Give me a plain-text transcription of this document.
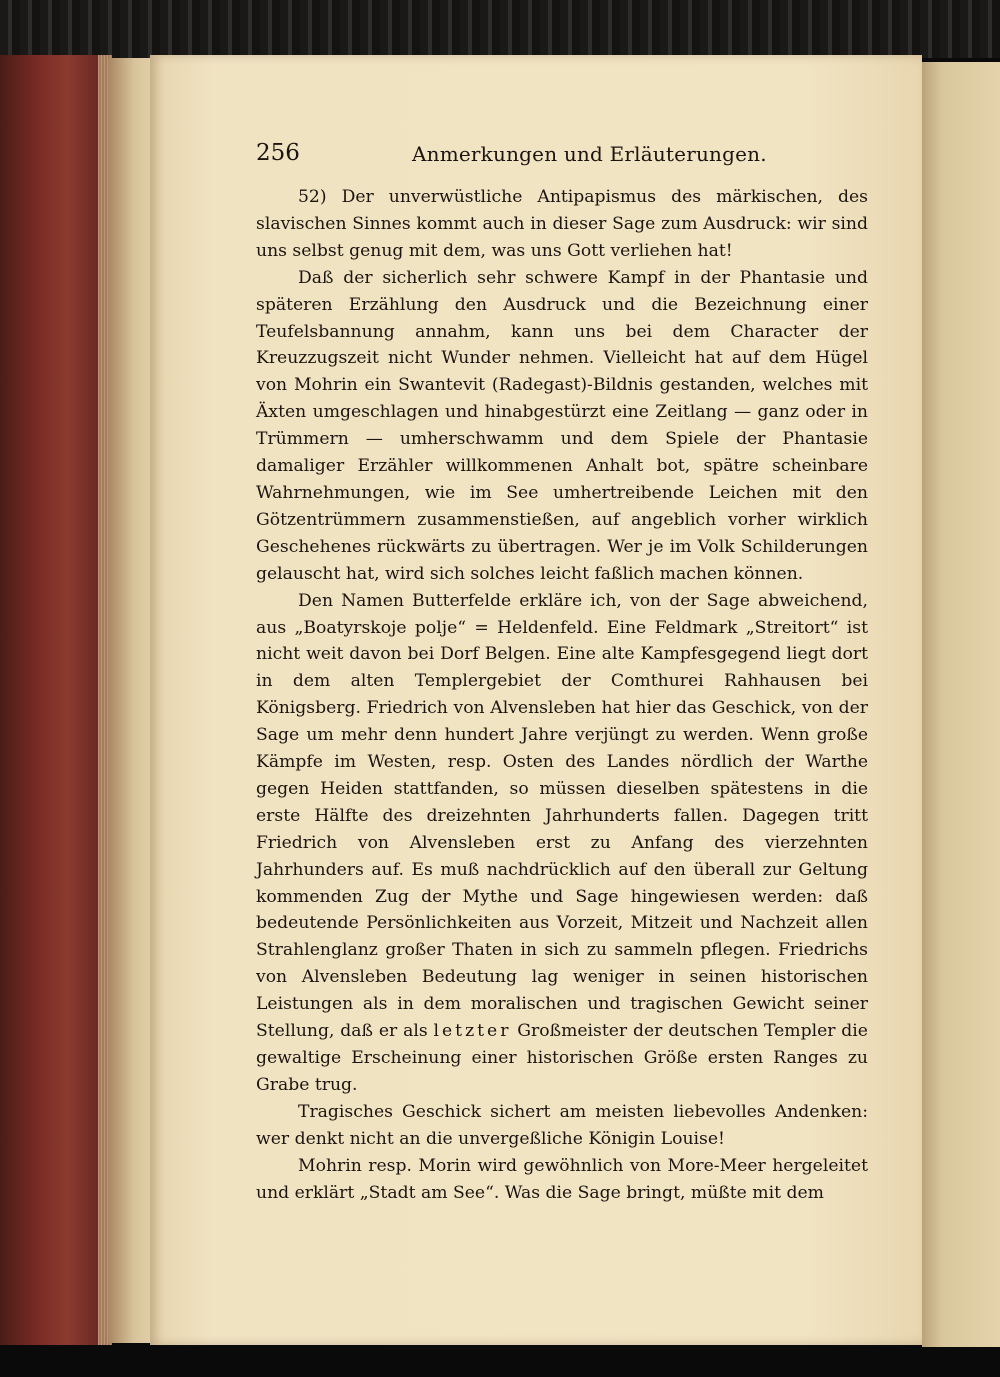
256	Anmerkungen und Erläuterungen.

52) Der unverwüstliche Antipapismus des märkischen, des slavischen Sinnes kommt auch in dieser Sage zum Ausdruck: wir sind uns selbst genug mit dem, was uns Gott verliehen hat!

Daß der sicherlich sehr schwere Kampf in der Phantasie und späteren Erzählung den Ausdruck und die Bezeichnung einer Teufelsbannung annahm, kann uns bei dem Character der Kreuzzugszeit nicht Wunder nehmen. Vielleicht hat auf dem Hügel von Mohrin ein Swantevit (Radegast)-Bildnis gestanden, welches mit Äxten umgeschlagen und hinabgestürzt eine Zeitlang — ganz oder in Trümmern — umherschwamm und dem Spiele der Phantasie damaliger Erzähler willkommenen Anhalt bot, spätre scheinbare Wahrnehmungen, wie im See umhertreibende Leichen mit den Götzentrümmern zusammenstießen, auf angeblich vorher wirklich Geschehenes rückwärts zu übertragen. Wer je im Volk Schilderungen gelauscht hat, wird sich solches leicht faßlich machen können.

Den Namen Butterfelde erkläre ich, von der Sage abweichend, aus „Boatyrskoje polje“ = Heldenfeld. Eine Feldmark „Streitort“ ist nicht weit davon bei Dorf Belgen. Eine alte Kampfesgegend liegt dort in dem alten Templergebiet der Comthurei Rahhausen bei Königsberg. Friedrich von Alvensleben hat hier das Geschick, von der Sage um mehr denn hundert Jahre verjüngt zu werden. Wenn große Kämpfe im Westen, resp. Osten des Landes nördlich der Warthe gegen Heiden stattfanden, so müssen dieselben spätestens in die erste Hälfte des dreizehnten Jahrhunderts fallen. Dagegen tritt Friedrich von Alvensleben erst zu Anfang des vierzehnten Jahrhunders auf. Es muß nachdrücklich auf den überall zur Geltung kommenden Zug der Mythe und Sage hingewiesen werden: daß bedeutende Persönlichkeiten aus Vorzeit, Mitzeit und Nachzeit allen Strahlenglanz großer Thaten in sich zu sammeln pflegen. Friedrichs von Alvensleben Bedeutung lag weniger in seinen historischen Leistungen als in dem moralischen und tragischen Gewicht seiner Stellung, daß er als letzter Großmeister der deutschen Templer die gewaltige Erscheinung einer historischen Größe ersten Ranges zu Grabe trug.

Tragisches Geschick sichert am meisten liebevolles Andenken: wer denkt nicht an die unvergeßliche Königin Louise!

Mohrin resp. Morin wird gewöhnlich von More-Meer hergeleitet und erklärt „Stadt am See“. Was die Sage bringt, müßte mit dem
